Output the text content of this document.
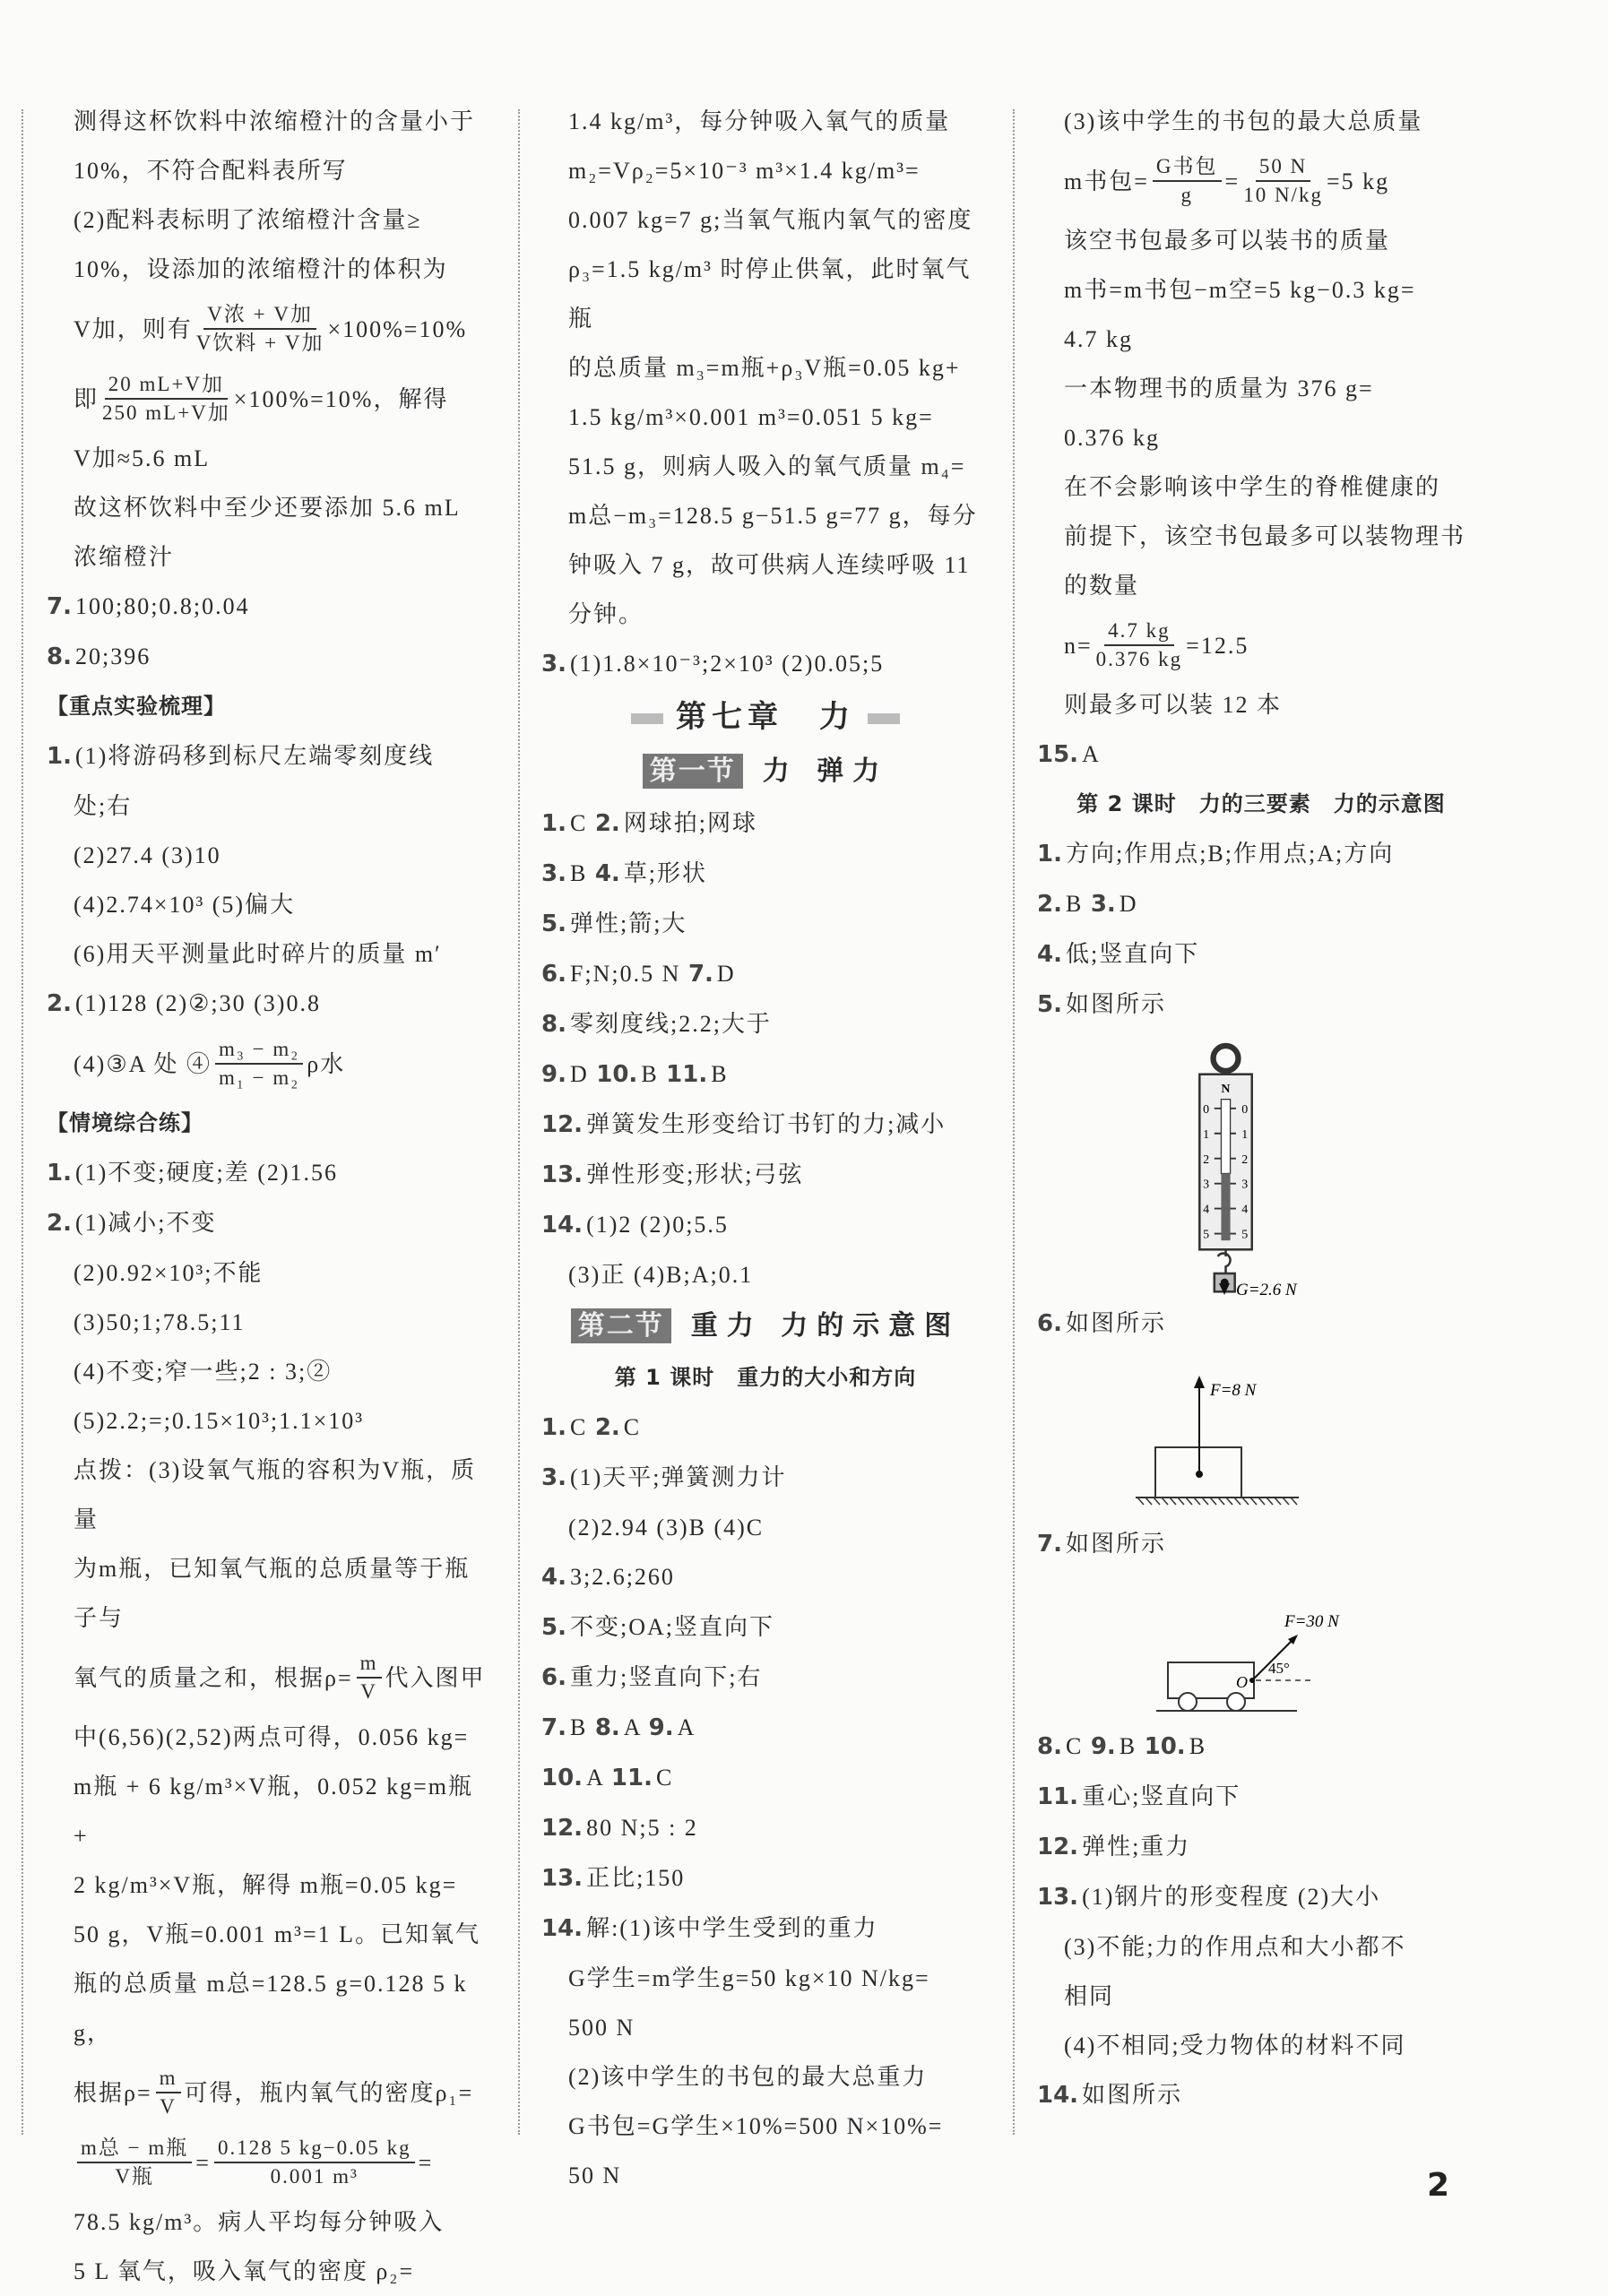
测得这杯饮料中浓缩橙汁的含量小于
10%，不符合配料表所写
(2)配料表标明了浓缩橙汁含量≥
10%，设添加的浓缩橙汁的体积为
V加，则有 $\frac{\text{V浓 + V加}}{\text{V饮料 + V加}} \times 100\%=10\%$
即 $\frac{\text{20 mL+V加}}{\text{250 mL+V加}} \times 100\%=10\%$，解得
V加≈5.6 mL
故这杯饮料中至少还要添加 5.6 mL
浓缩橙汁
7. 100;80;0.8;0.04
8. 20;396
【重点实验梳理】
1. (1)将游码移到标尺左端零刻度线
处;右
(2)27.4 (3)10
(4)2.74×10³ (5)偏大
(6)用天平测量此时碎片的质量 m′
2. (1)128 (2)②;30 (3)0.8
(4)③A 处 ④ $\frac{\text{m₃ − m₂}}{\text{m₁ − m₂}}$ ρ水
【情境综合练】
1. (1)不变;硬度;差 (2)1.56
2. (1)减小;不变
(2)0.92×10³;不能
(3)50;1;78.5;11
(4)不变;窄一些;2 : 3;②
(5)2.2;=;0.15×10³;1.1×10³
点拨：(3)设氧气瓶的容积为V瓶，质量
为m瓶，已知氧气瓶的总质量等于瓶子与
氧气的质量之和，根据$\rho= \frac{m}{V}$ 代入图甲
中(6,56)(2,52)两点可得，0.056 kg=
m瓶 + 6 kg/m³×V瓶，0.052 kg=m瓶 +
2 kg/m³×V瓶，解得 m瓶=0.05 kg=
50 g，V瓶=0.001 m³=1 L。已知氧气
瓶的总质量 m总=128.5 g=0.128 5 kg，
根据$\rho= \frac{m}{V}$ 可得，瓶内氧气的密度ρ₁=
$\frac{\text{m总 − m瓶}}{\text{V瓶}} = \frac{0.128 5 kg-0.05 kg}{\text{0.001 m³}}$ =
78.5 kg/m³。病人平均每分钟吸入
5 L 氧气，吸入氧气的密度 ρ₂=
1.4 kg/m³，每分钟吸入氧气的质量
m₂=Vρ₂=5×10⁻³ m³×1.4 kg/m³=
0.007 kg=7 g;当氧气瓶内氧气的密度
ρ₃=1.5 kg/m³ 时停止供氧，此时氧气瓶
的总质量 m₃=m瓶+ρ₃V瓶=0.05 kg+
1.5 kg/m³×0.001 m³=0.051 5 kg=
51.5 g，则病人吸入的氧气质量 m₄=
m总−m₃=128.5 g−51.5 g=77 g，每分
钟吸入 7 g，故可供病人连续呼吸 11
分钟。
3. (1)1.8×10⁻³;2×10³ (2)0.05;5
第七章　力
第一节 力 弹力
1. C 2. 网球拍;网球
3. B 4. 草;形状
5. 弹性;箭;大
6. F;N;0.5 N 7. D
8. 零刻度线;2.2;大于
9. D 10. B 11. B
12. 弹簧发生形变给订书钉的力;减小
13. 弹性形变;形状;弓弦
14. (1)2 (2)0;5.5
(3)正 (4)B;A;0.1
第二节 重力 力的示意图
第 1 课时　重力的大小和方向
1. C 2. C
3. (1)天平;弹簧测力计
(2)2.94 (3)B (4)C
4. 3;2.6;260
5. 不变;OA;竖直向下
6. 重力;竖直向下;右
7. B 8. A 9. A
10. A 11. C
12. 80 N;5 : 2
13. 正比;150
14. 解:(1)该中学生受到的重力
G学生=m学生g=50 kg×10 N/kg=
500 N
(2)该中学生的书包的最大总重力
G书包=G学生×10%=500 N×10%=
50 N
(3)该中学生的书包的最大总质量
m书包= $\frac{\text{G书包}}{g} = \frac{50 N}{10 N/kg} =5$ kg
该空书包最多可以装书的质量
m书=m书包−m空=5 kg−0.3 kg=
4.7 kg
一本物理书的质量为 376 g=
0.376 kg
在不会影响该中学生的脊椎健康的
前提下，该空书包最多可以装物理书
的数量
$n= \frac{4.7 kg}{0.376 kg} =12.5$
则最多可以装 12 本
15. A
第 2 课时　力的三要素　力的示意图
1. 方向;作用点;B;作用点;A;方向
2. B 3. D
4. 低;竖直向下
5. 如图所示
N
0	0
1	1
2	2
3	3
4	4
5	5
G=2.6 N
6. 如图所示
F=8 N
7. 如图所示
O
45°
F=30 N
8. C 9. B 10. B
11. 重心;竖直向下
12. 弹性;重力
13. (1)钢片的形变程度 (2)大小
(3)不能;力的作用点和大小都不
相同
(4)不相同;受力物体的材料不同
14. 如图所示
2
